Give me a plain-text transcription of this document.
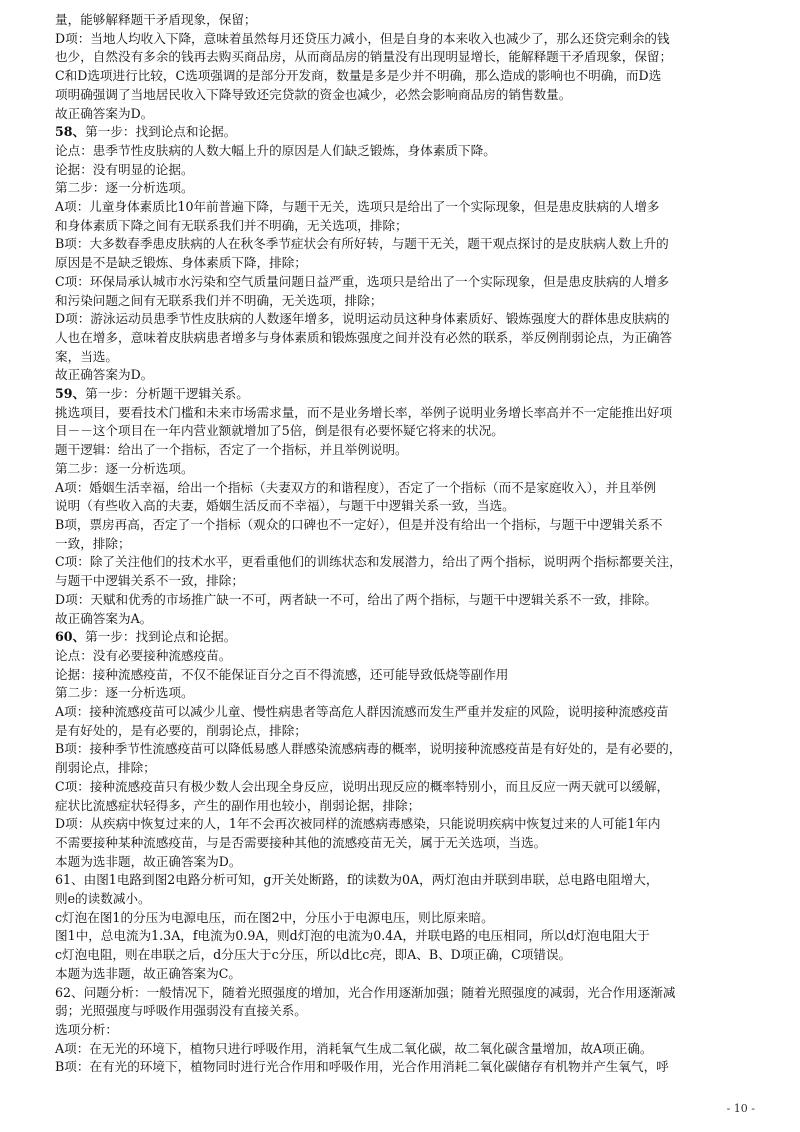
量，能够解释题干矛盾现象，保留；
D项：当地人均收入下降，意味着虽然每月还贷压力减小，但是自身的本来收入也减少了，那么还贷完剩余的钱
也少，自然没有多余的钱再去购买商品房，从而商品房的销量没有出现明显增长，能解释题干矛盾现象，保留；
C和D选项进行比较，C选项强调的是部分开发商，数量是多是少并不明确，那么造成的影响也不明确，而D选
项明确强调了当地居民收入下降导致还完贷款的资金也减少，必然会影响商品房的销售数量。
故正确答案为D。
58、第一步：找到论点和论据。
论点：患季节性皮肤病的人数大幅上升的原因是人们缺乏锻炼，身体素质下降。
论据：没有明显的论据。
第二步：逐一分析选项。
A项：儿童身体素质比10年前普遍下降，与题干无关，选项只是给出了一个实际现象，但是患皮肤病的人增多
和身体素质下降之间有无联系我们并不明确，无关选项，排除；
B项：大多数春季患皮肤病的人在秋冬季节症状会有所好转，与题干无关，题干观点探讨的是皮肤病人数上升的
原因是不是缺乏锻炼、身体素质下降，排除；
C项：环保局承认城市水污染和空气质量问题日益严重，选项只是给出了一个实际现象，但是患皮肤病的人增多
和污染问题之间有无联系我们并不明确，无关选项，排除；
D项：游泳运动员患季节性皮肤病的人数逐年增多，说明运动员这种身体素质好、锻炼强度大的群体患皮肤病的
人也在增多，意味着皮肤病患者增多与身体素质和锻炼强度之间并没有必然的联系，举反例削弱论点，为正确答
案，当选。
故正确答案为D。
59、第一步：分析题干逻辑关系。
挑选项目，要看技术门槛和未来市场需求量，而不是业务增长率，举例子说明业务增长率高并不一定能推出好项
目－－这个项目在一年内营业额就增加了5倍，倒是很有必要怀疑它将来的状况。
题干逻辑：给出了一个指标，否定了一个指标，并且举例说明。
第二步：逐一分析选项。
A项：婚姻生活幸福，给出一个指标（夫妻双方的和谐程度），否定了一个指标（而不是家庭收入），并且举例
说明（有些收入高的夫妻，婚姻生活反而不幸福），与题干中逻辑关系一致，当选。
B项，票房再高，否定了一个指标（观众的口碑也不一定好），但是并没有给出一个指标，与题干中逻辑关系不
一致，排除；
C项：除了关注他们的技术水平，更看重他们的训练状态和发展潜力，给出了两个指标，说明两个指标都要关注，
与题干中逻辑关系不一致，排除；
D项：天赋和优秀的市场推广缺一不可，两者缺一不可，给出了两个指标，与题干中逻辑关系不一致，排除。
故正确答案为A。
60、第一步：找到论点和论据。
论点：没有必要接种流感疫苗。
论据：接种流感疫苗，不仅不能保证百分之百不得流感，还可能导致低烧等副作用
第二步：逐一分析选项。
A项：接种流感疫苗可以减少儿童、慢性病患者等高危人群因流感而发生严重并发症的风险，说明接种流感疫苗
是有好处的，是有必要的，削弱论点，排除；
B项：接种季节性流感疫苗可以降低易感人群感染流感病毒的概率，说明接种流感疫苗是有好处的，是有必要的，
削弱论点，排除；
C项：接种流感疫苗只有极少数人会出现全身反应，说明出现反应的概率特别小，而且反应一两天就可以缓解，
症状比流感症状轻得多，产生的副作用也较小，削弱论据，排除；
D项：从疾病中恢复过来的人，1年不会再次被同样的流感病毒感染，只能说明疾病中恢复过来的人可能1年内
不需要接种某种流感疫苗，与是否需要接种其他的流感疫苗无关，属于无关选项，当选。
本题为选非题，故正确答案为D。
61、由图1电路到图2电路分析可知，g开关处断路，f的读数为0A，两灯泡由并联到串联，总电路电阻增大，
则e的读数减小。
c灯泡在图1的分压为电源电压，而在图2中，分压小于电源电压，则比原来暗。
图1中，总电流为1.3A，f电流为0.9A，则d灯泡的电流为0.4A，并联电路的电压相同，所以d灯泡电阻大于
c灯泡电阻，则在串联之后，d分压大于c分压，所以d比c亮，即A、B、D项正确，C项错误。
本题为选非题，故正确答案为C。
62、问题分析：一般情况下，随着光照强度的增加，光合作用逐渐加强；随着光照强度的减弱，光合作用逐渐减
弱；光照强度与呼吸作用强弱没有直接关系。
选项分析：
A项：在无光的环境下，植物只进行呼吸作用，消耗氧气生成二氧化碳，故二氧化碳含量增加，故A项正确。
B项：在有光的环境下，植物同时进行光合作用和呼吸作用，光合作用消耗二氧化碳储存有机物并产生氧气，呼
- 10 -
